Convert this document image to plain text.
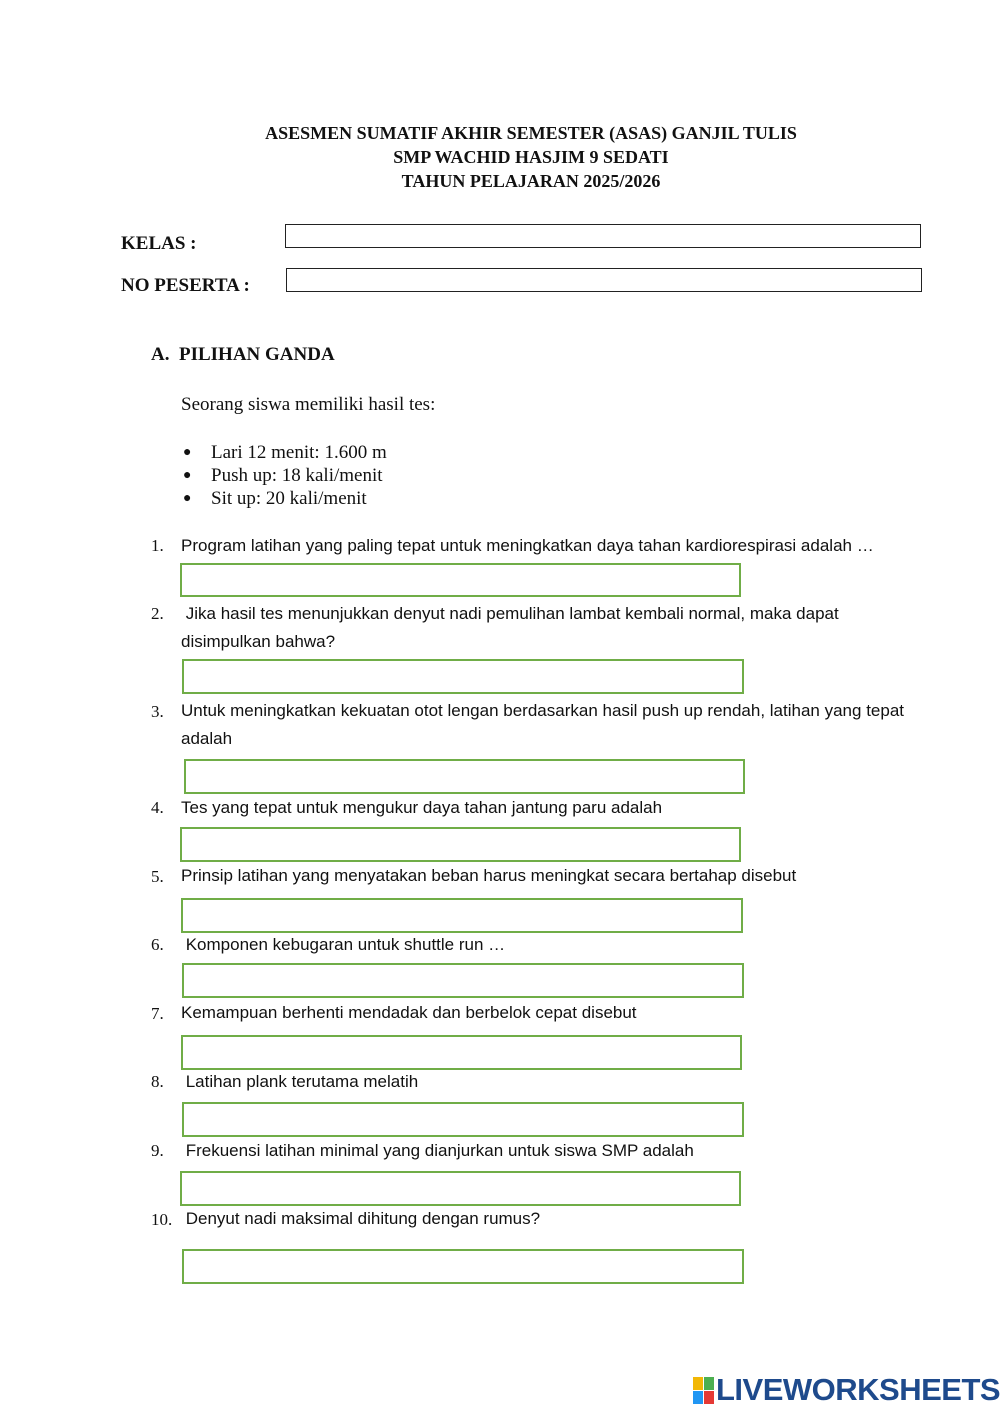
ASESMEN SUMATIF AKHIR SEMESTER (ASAS) GANJIL TULIS
SMP WACHID HASJIM 9 SEDATI
TAHUN PELAJARAN 2025/2026
KELAS :
NO PESERTA :
A.  PILIHAN GANDA
Seorang siswa memiliki hasil tes:
● Lari 12 menit: 1.600 m
● Push up: 18 kali/menit
● Sit up: 20 kali/menit
1. Program latihan yang paling tepat untuk meningkatkan daya tahan kardiorespirasi adalah …
2. Jika hasil tes menunjukkan denyut nadi pemulihan lambat kembali normal, maka dapat disimpulkan bahwa?
3. Untuk meningkatkan kekuatan otot lengan berdasarkan hasil push up rendah, latihan yang tepat adalah
4. Tes yang tepat untuk mengukur daya tahan jantung paru adalah
5. Prinsip latihan yang menyatakan beban harus meningkat secara bertahap disebut
6. Komponen kebugaran untuk shuttle run …
7. Kemampuan berhenti mendadak dan berbelok cepat disebut
8. Latihan plank terutama melatih
9. Frekuensi latihan minimal yang dianjurkan untuk siswa SMP adalah
10. Denyut nadi maksimal dihitung dengan rumus?
LIVEWORKSHEETS
